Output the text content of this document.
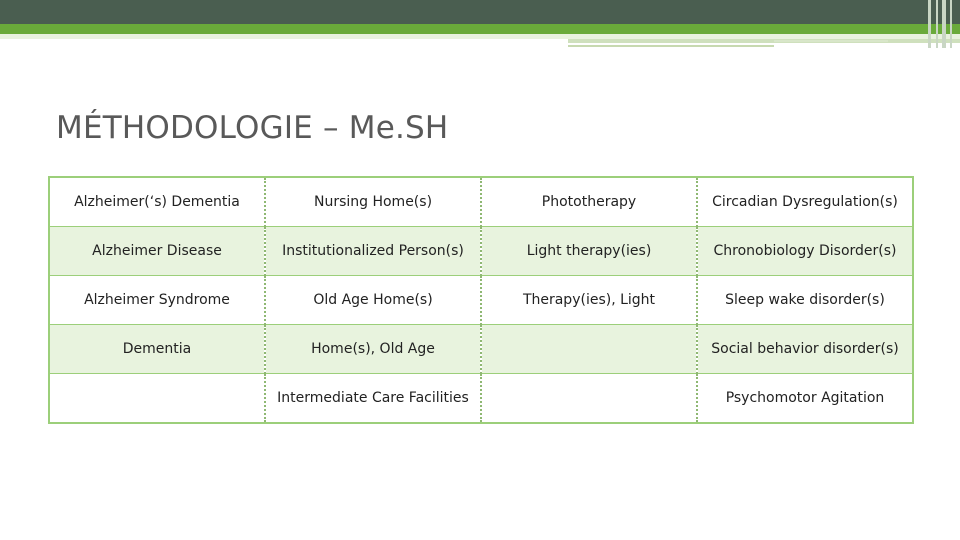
MÉTHODOLOGIE – Me.SH
Alzheimer(‘s) Dementia	Nursing Home(s)	Phototherapy	Circadian Dysregulation(s)
Alzheimer Disease	Institutionalized Person(s)	Light therapy(ies)	Chronobiology Disorder(s)
Alzheimer Syndrome	Old Age Home(s)	Therapy(ies), Light	Sleep wake disorder(s)
Dementia	Home(s), Old Age		Social behavior disorder(s)
	Intermediate Care Facilities		Psychomotor Agitation
